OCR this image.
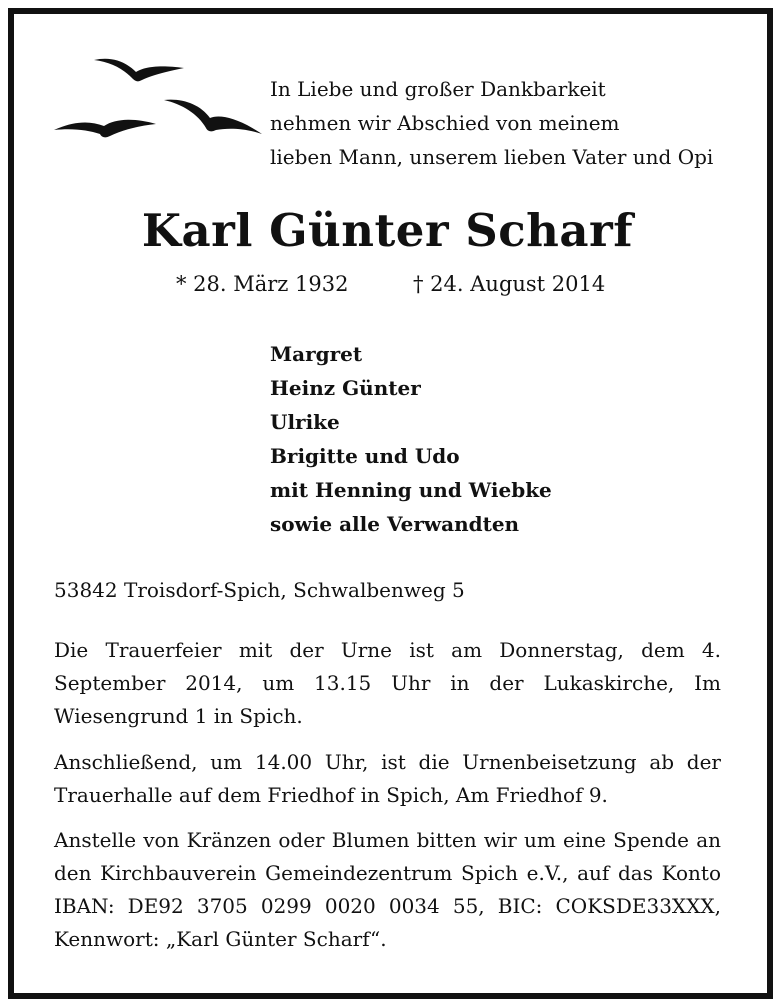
In Liebe und großer Dankbarkeit
nehmen wir Abschied von meinem
lieben Mann, unserem lieben Vater und Opi
Karl Günter Scharf
* 28. März 1932	† 24. August 2014
Margret
Heinz Günter
Ulrike
Brigitte und Udo
mit Henning und Wiebke
sowie alle Verwandten
53842 Troisdorf-Spich, Schwalbenweg 5

Die Trauerfeier mit der Urne ist am Donnerstag, dem 4. September 2014, um 13.15 Uhr in der Lukaskirche, Im Wiesengrund 1 in Spich.

Anschließend, um 14.00 Uhr, ist die Urnenbeisetzung ab der Trauerhalle auf dem Friedhof in Spich, Am Friedhof 9.

Anstelle von Kränzen oder Blumen bitten wir um eine Spende an den Kirchbauverein Gemeindezentrum Spich e.V., auf das Konto IBAN: DE92 3705 0299 0020 0034 55, BIC: COKSDE33XXX, Kennwort: „Karl Günter Scharf“.
